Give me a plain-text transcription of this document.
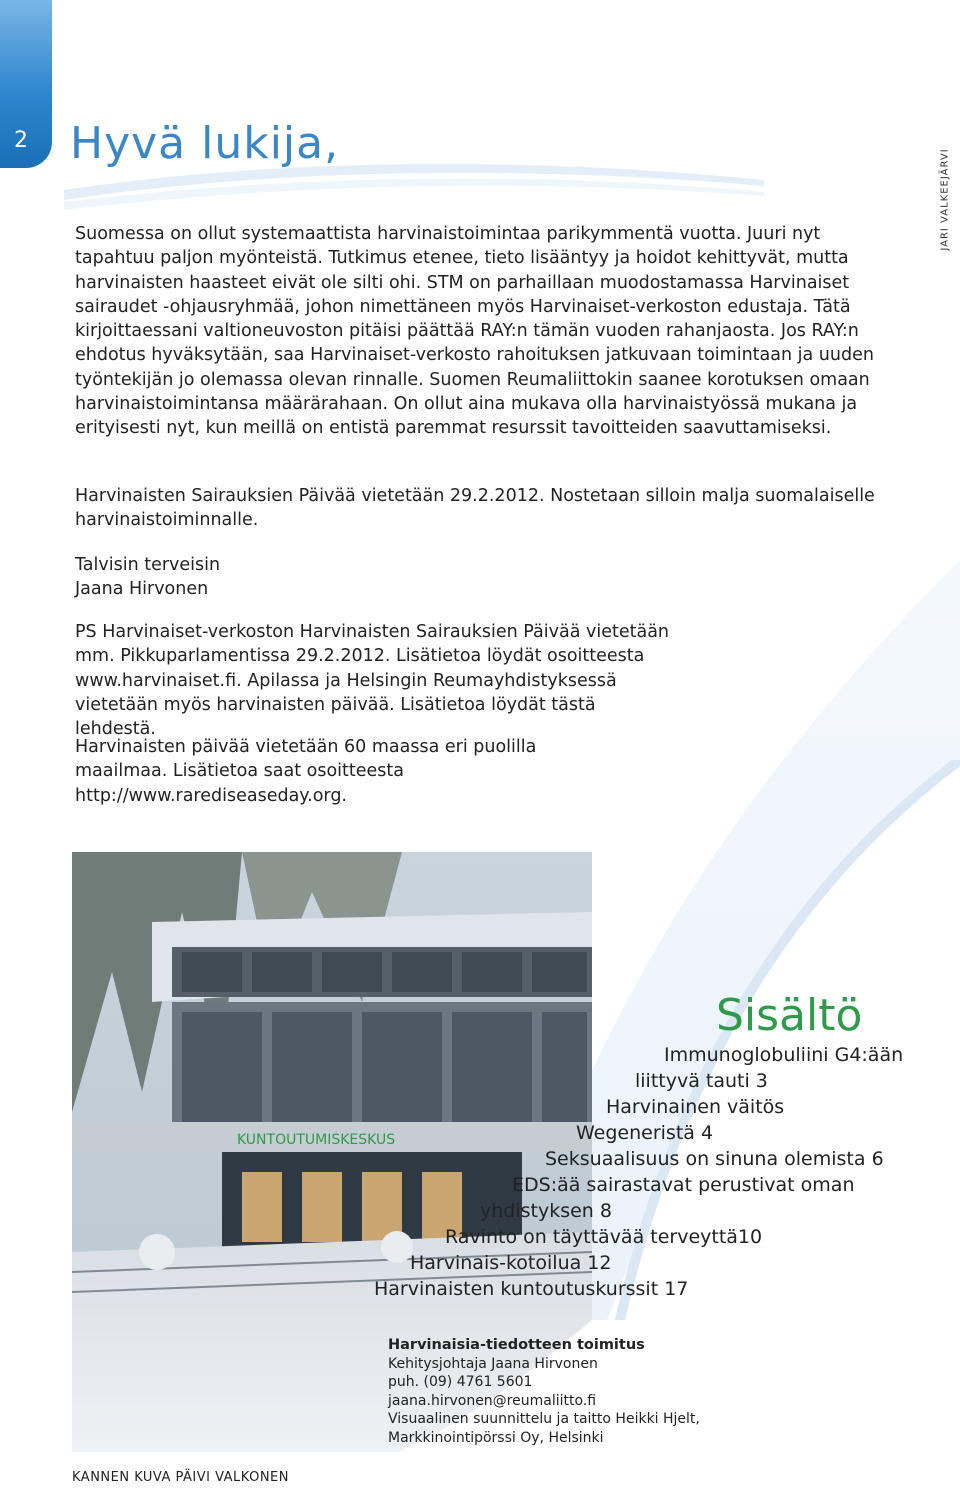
2 Hyvä lukija,
JARI VALKEEJÄRVI
KUNTOUTUMISKESKUS

Suomessa on ollut systemaattista harvinaistoimintaa parikymmentä vuotta. Juuri nyt tapahtuu paljon myönteistä. Tutkimus etenee, tieto lisääntyy ja hoidot kehittyvät, mutta harvinaisten haasteet eivät ole silti ohi. STM on parhaillaan muodostamassa Harvinaiset sairaudet -ohjausryhmää, johon nimettäneen myös Harvinaiset-verkoston edustaja. Tätä kirjoittaessani valtioneuvoston pitäisi päättää RAY:n tämän vuoden rahanjaosta. Jos RAY:n ehdotus hyväksytään, saa Harvinaiset-verkosto rahoituksen jatkuvaan toimintaan ja uuden työntekijän jo olemassa olevan rinnalle. Suomen Reumaliittokin saanee korotuksen omaan harvinaistoimintansa määrärahaan. On ollut aina mukava olla harvinaistyössä mukana ja erityisesti nyt, kun meillä on entistä paremmat resurssit tavoitteiden saavuttamiseksi.

Harvinaisten Sairauksien Päivää vietetään 29.2.2012. Nostetaan silloin malja suomalaiselle harvinaistoiminnalle.

Talvisin terveisin
Jaana Hirvonen

PS Harvinaiset-verkoston Harvinaisten Sairauksien Päivää vietetään mm. Pikkuparlamentissa 29.2.2012. Lisätietoa löydät osoitteesta www.harvinaiset.fi. Apilassa ja Helsingin Reumayhdistyksessä vietetään myös harvinaisten päivää. Lisätietoa löydät tästä lehdestä.

Harvinaisten päivää vietetään 60 maassa eri puolilla maailmaa. Lisätietoa saat osoitteesta http://www.rarediseaseday.org.

Sisältö
Immunoglobuliini G4:ään
liittyvä tauti 3
Harvinainen väitös
Wegeneristä 4
Seksuaalisuus on sinuna olemista 6
EDS:ää sairastavat perustivat oman
yhdistyksen 8
Ravinto on täyttävää terveyttä10
Harvinais-kotoilua 12
Harvinaisten kuntoutuskurssit 17

Harvinaisia-tiedotteen toimitus

Kehitysjohtaja Jaana Hirvonen

puh. (09) 4761 5601

jaana.hirvonen@reumaliitto.fi

Visuaalinen suunnittelu ja taitto Heikki Hjelt,

Markkinointipörssi Oy, Helsinki

KANNEN KUVA PÄIVI VALKONEN
